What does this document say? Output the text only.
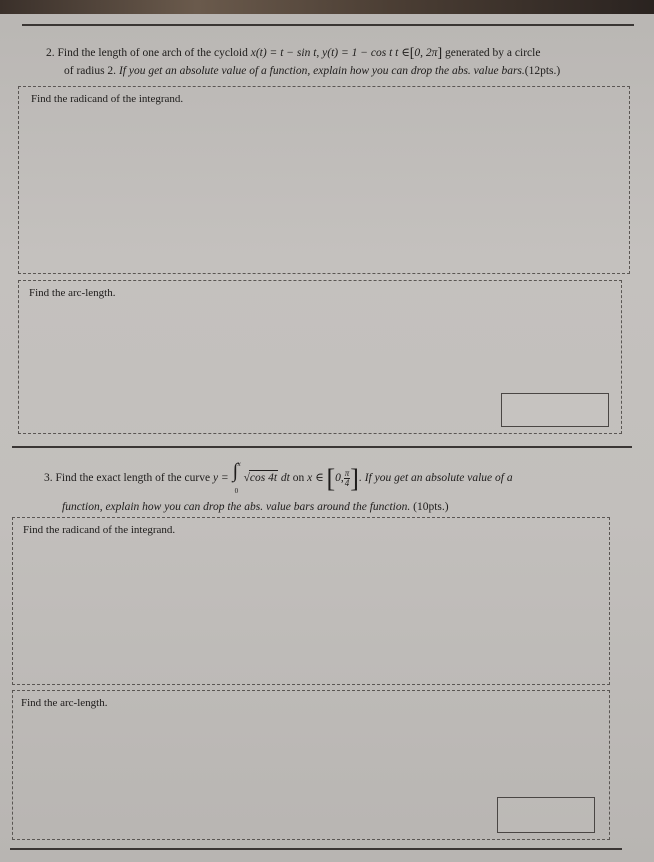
2. Find the length of one arch of the cycloid x(t) = t − sin t, y(t) = 1 − cos t t ∈[0, 2π] generated by a circle
of radius 2. If you get an absolute value of a function, explain how you can drop the abs. value bars.(12pts.)
Find the radicand of the integrand.
Find the arc-length.
3. Find the exact length of the curve y = ∫ x
0
√cos 4t dt on x ∈ [0, $\frac{\pi}{4}$ ]. If you get an absolute value of a
function, explain how you can drop the abs. value bars around the function. (10pts.)
Find the radicand of the integrand.
Find the arc-length.
